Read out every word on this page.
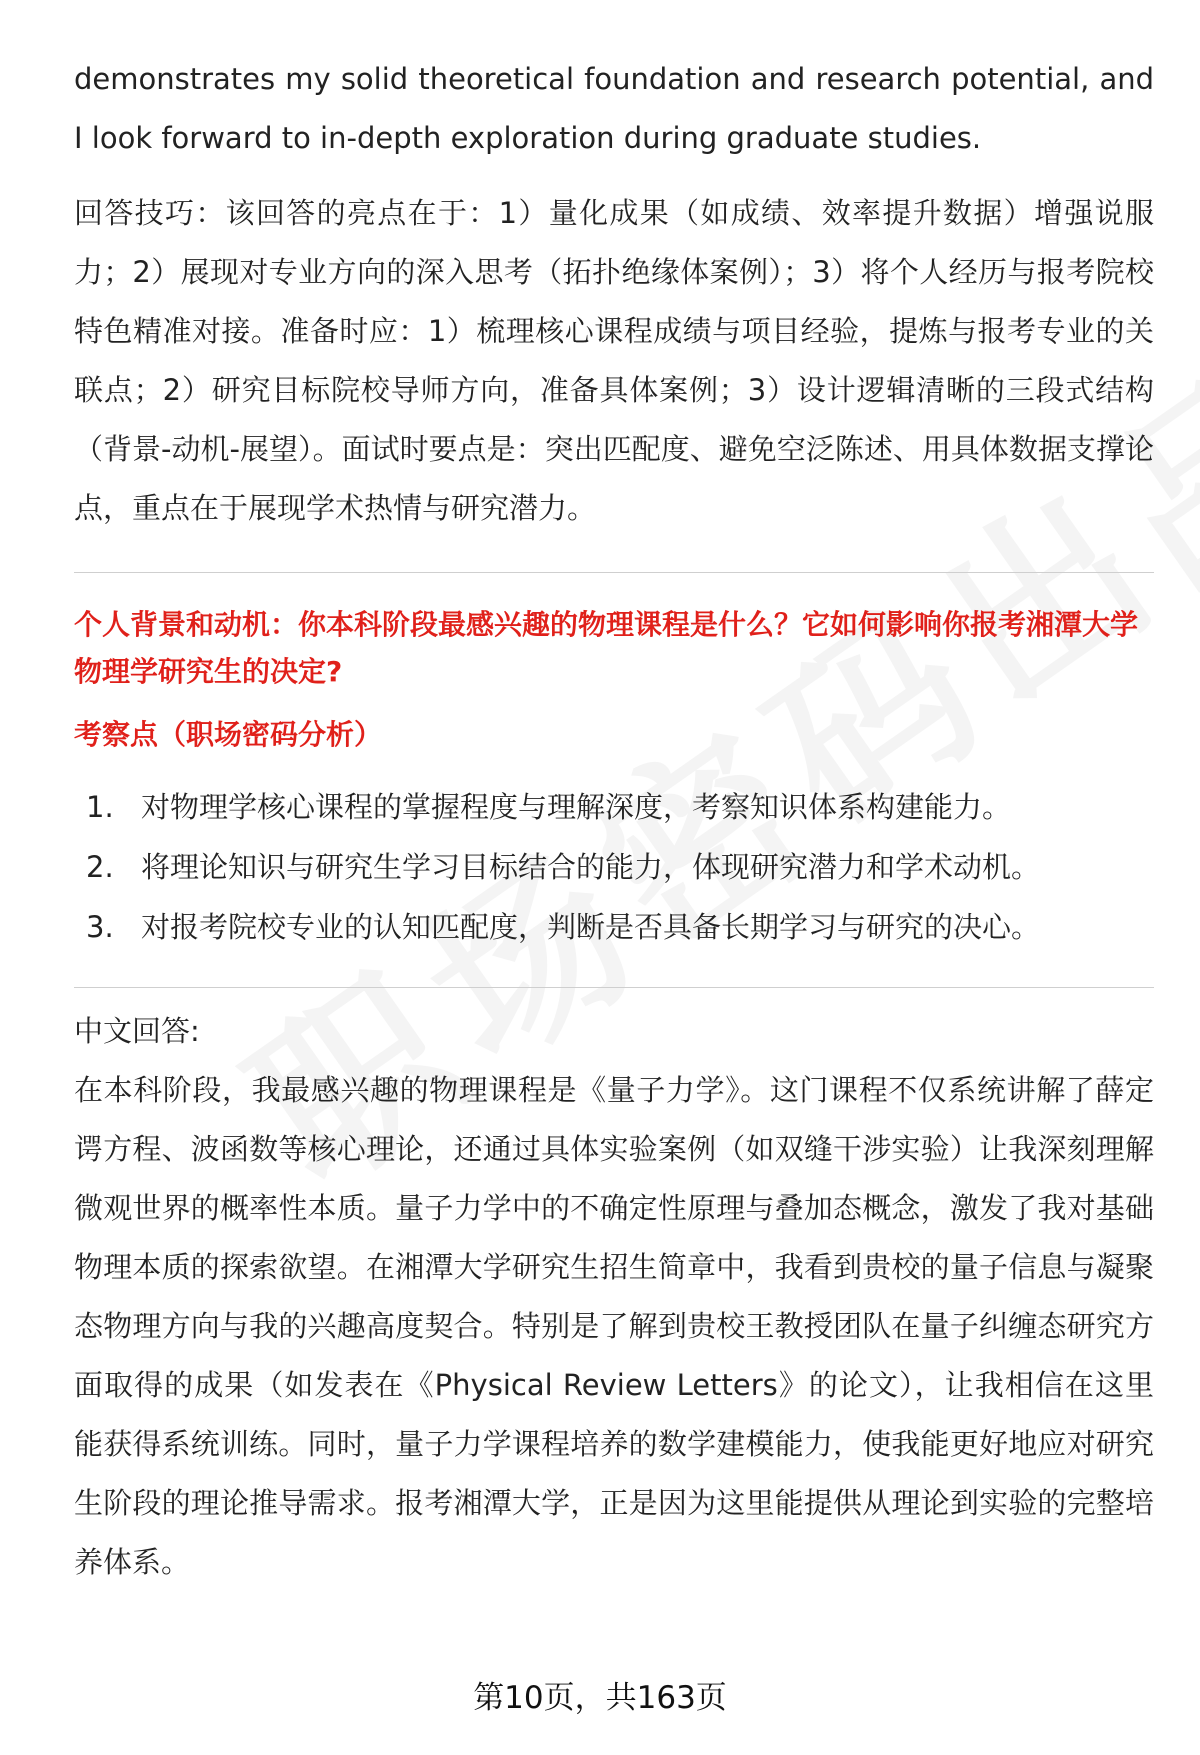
demonstrates my solid theoretical foundation and research potential, and I look forward to in-depth exploration during graduate studies.

回答技巧：该回答的亮点在于：1）量化成果（如成绩、效率提升数据）增强说服力；2）展现对专业方向的深入思考（拓扑绝缘体案例）；3）将个人经历与报考院校特色精准对接。准备时应：1）梳理核心课程成绩与项目经验，提炼与报考专业的关联点；2）研究目标院校导师方向，准备具体案例；3）设计逻辑清晰的三段式结构（背景-动机-展望）。面试时要点是：突出匹配度、避免空泛陈述、用具体数据支撑论点，重点在于展现学术热情与研究潜力。

个人背景和动机：你本科阶段最感兴趣的物理课程是什么？它如何影响你报考湘潭大学物理学研究生的决定?

考察点（职场密码分析）

1. 对物理学核心课程的掌握程度与理解深度，考察知识体系构建能力。
2. 将理论知识与研究生学习目标结合的能力，体现研究潜力和学术动机。
3. 对报考院校专业的认知匹配度，判断是否具备长期学习与研究的决心。

中文回答:

在本科阶段，我最感兴趣的物理课程是《量子力学》。这门课程不仅系统讲解了薛定谔方程、波函数等核心理论，还通过具体实验案例（如双缝干涉实验）让我深刻理解微观世界的概率性本质。量子力学中的不确定性原理与叠加态概念，激发了我对基础物理本质的探索欲望。在湘潭大学研究生招生简章中，我看到贵校的量子信息与凝聚态物理方向与我的兴趣高度契合。特别是了解到贵校王教授团队在量子纠缠态研究方面取得的成果（如发表在《Physical Review Letters》的论文），让我相信在这里能获得系统训练。同时，量子力学课程培养的数学建模能力，使我能更好地应对研究生阶段的理论推导需求。报考湘潭大学，正是因为这里能提供从理论到实验的完整培养体系。

第10页，共163页
